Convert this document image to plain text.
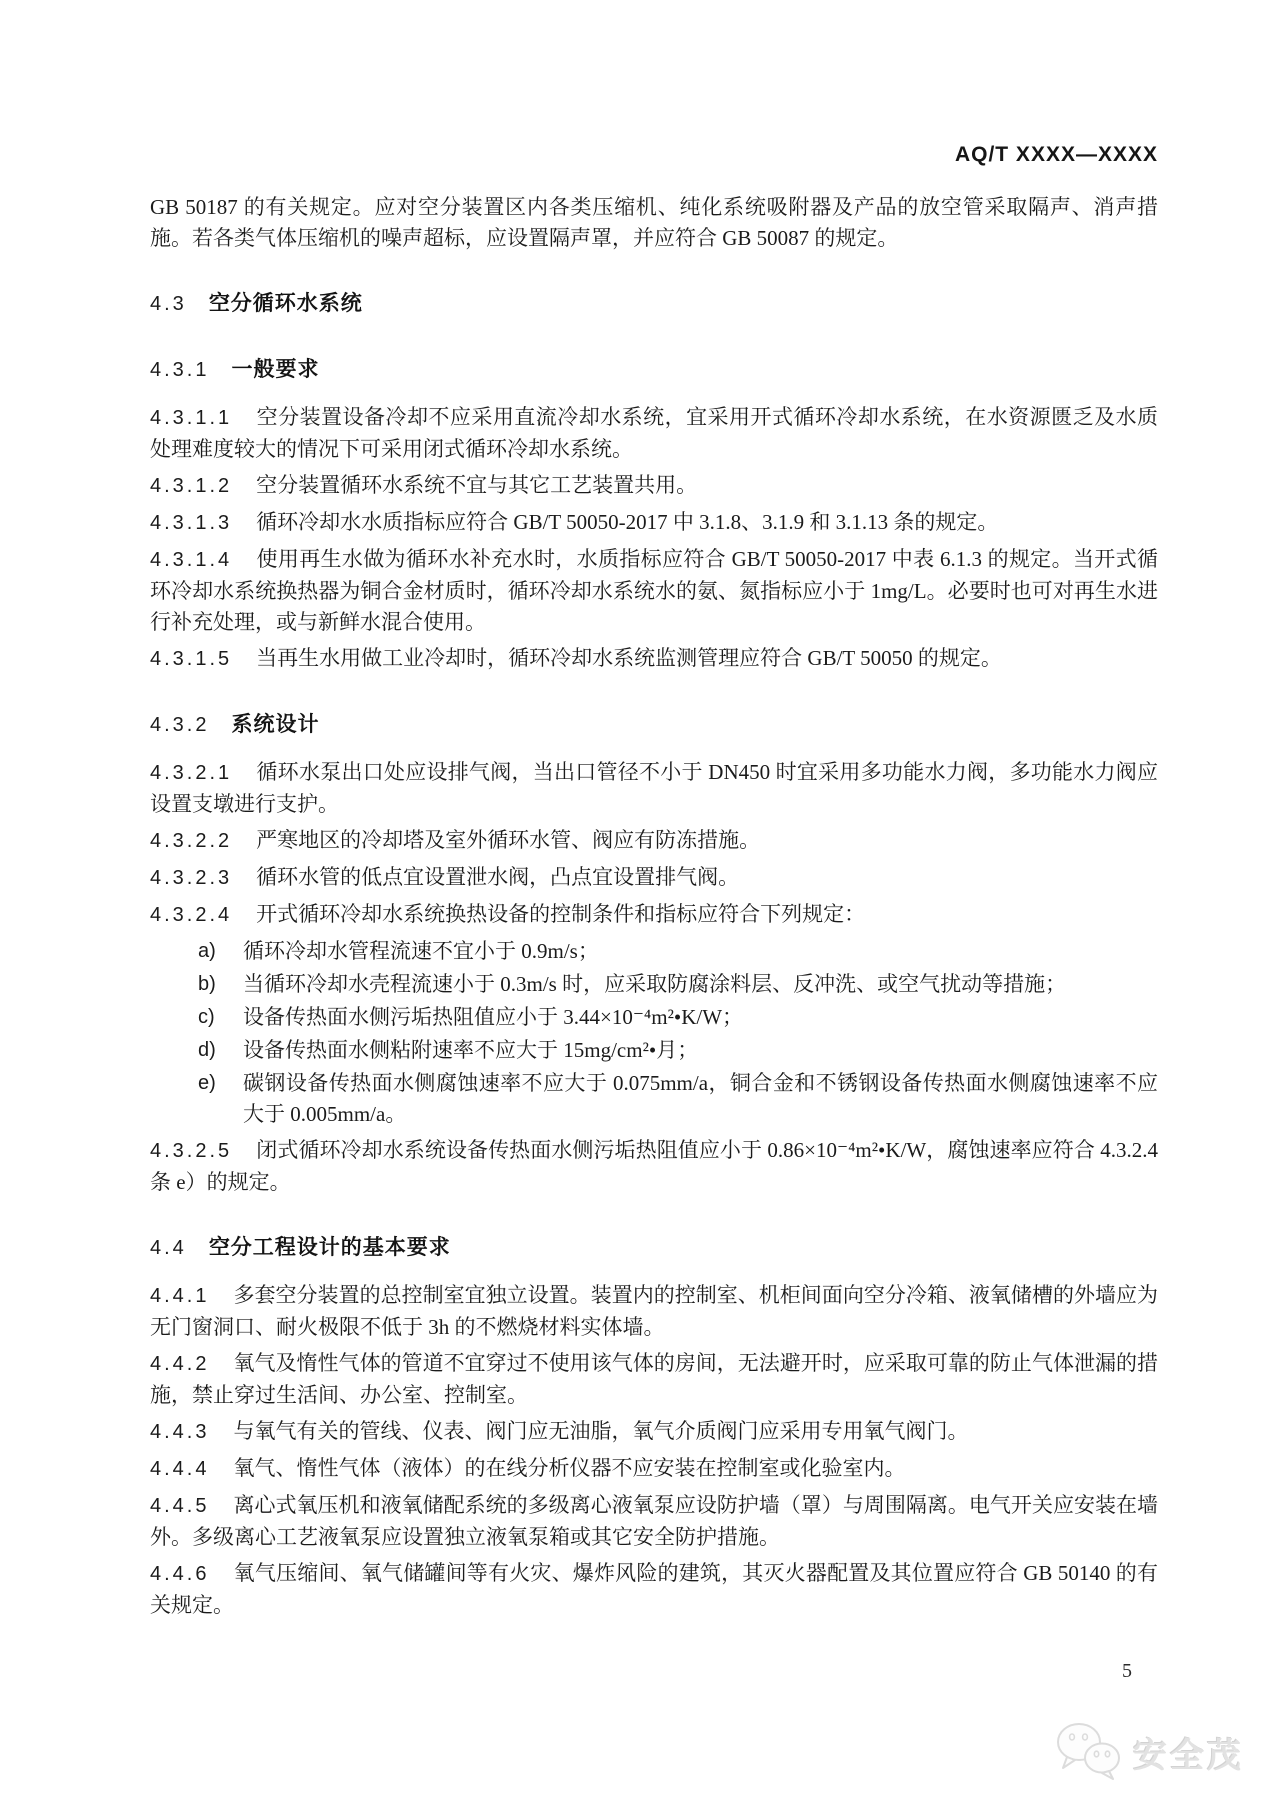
AQ/T XXXX—XXXX

GB 50187 的有关规定。应对空分装置区内各类压缩机、纯化系统吸附器及产品的放空管采取隔声、消声措施。若各类气体压缩机的噪声超标，应设置隔声罩，并应符合 GB 50087 的规定。

4.3 空分循环水系统
4.3.1 一般要求

4.3.1.1 空分装置设备冷却不应采用直流冷却水系统，宜采用开式循环冷却水系统，在水资源匮乏及水质处理难度较大的情况下可采用闭式循环冷却水系统。

4.3.1.2 空分装置循环水系统不宜与其它工艺装置共用。

4.3.1.3 循环冷却水水质指标应符合 GB/T 50050-2017 中 3.1.8、3.1.9 和 3.1.13 条的规定。

4.3.1.4 使用再生水做为循环水补充水时，水质指标应符合 GB/T 50050-2017 中表 6.1.3 的规定。当开式循环冷却水系统换热器为铜合金材质时，循环冷却水系统水的氨、氮指标应小于 1mg/L。必要时也可对再生水进行补充处理，或与新鲜水混合使用。

4.3.1.5 当再生水用做工业冷却时，循环冷却水系统监测管理应符合 GB/T 50050 的规定。

4.3.2 系统设计

4.3.2.1 循环水泵出口处应设排气阀，当出口管径不小于 DN450 时宜采用多功能水力阀，多功能水力阀应设置支墩进行支护。

4.3.2.2 严寒地区的冷却塔及室外循环水管、阀应有防冻措施。

4.3.2.3 循环水管的低点宜设置泄水阀，凸点宜设置排气阀。

4.3.2.4 开式循环冷却水系统换热设备的控制条件和指标应符合下列规定：

a)	循环冷却水管程流速不宜小于 0.9m/s；
b)	当循环冷却水壳程流速小于 0.3m/s 时，应采取防腐涂料层、反冲洗、或空气扰动等措施；
c)	设备传热面水侧污垢热阻值应小于 3.44×10⁻⁴m²•K/W；
d)	设备传热面水侧粘附速率不应大于 15mg/cm²•月；
e)	碳钢设备传热面水侧腐蚀速率不应大于 0.075mm/a，铜合金和不锈钢设备传热面水侧腐蚀速率不应大于 0.005mm/a。

4.3.2.5 闭式循环冷却水系统设备传热面水侧污垢热阻值应小于 0.86×10⁻⁴m²•K/W，腐蚀速率应符合 4.3.2.4 条 e）的规定。

4.4 空分工程设计的基本要求

4.4.1 多套空分装置的总控制室宜独立设置。装置内的控制室、机柜间面向空分冷箱、液氧储槽的外墙应为无门窗洞口、耐火极限不低于 3h 的不燃烧材料实体墙。

4.4.2 氧气及惰性气体的管道不宜穿过不使用该气体的房间，无法避开时，应采取可靠的防止气体泄漏的措施，禁止穿过生活间、办公室、控制室。

4.4.3 与氧气有关的管线、仪表、阀门应无油脂，氧气介质阀门应采用专用氧气阀门。

4.4.4 氧气、惰性气体（液体）的在线分析仪器不应安装在控制室或化验室内。

4.4.5 离心式氧压机和液氧储配系统的多级离心液氧泵应设防护墙（罩）与周围隔离。电气开关应安装在墙外。多级离心工艺液氧泵应设置独立液氧泵箱或其它安全防护措施。

4.4.6 氧气压缩间、氧气储罐间等有火灾、爆炸风险的建筑，其灭火器配置及其位置应符合 GB 50140 的有关规定。

5
安全茂
